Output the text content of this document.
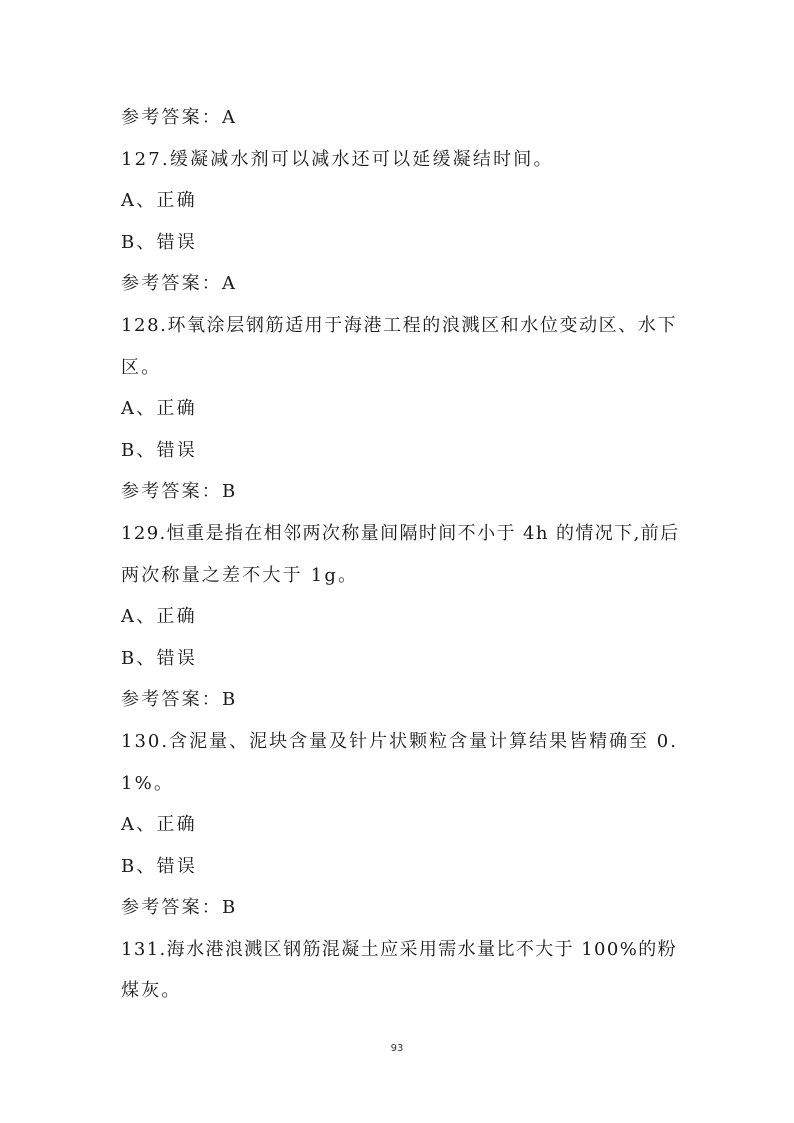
参考答案：A
127.缓凝减水剂可以减水还可以延缓凝结时间。
A、正确
B、错误
参考答案：A
128.环氧涂层钢筋适用于海港工程的浪溅区和水位变动区、水下
区。
A、正确
B、错误
参考答案：B
129.恒重是指在相邻两次称量间隔时间不小于 4h 的情况下,前后
两次称量之差不大于 1g。
A、正确
B、错误
参考答案：B
130.含泥量、泥块含量及针片状颗粒含量计算结果皆精确至 0.
1%。
A、正确
B、错误
参考答案：B
131.海水港浪溅区钢筋混凝土应采用需水量比不大于 100%的粉
煤灰。
93
